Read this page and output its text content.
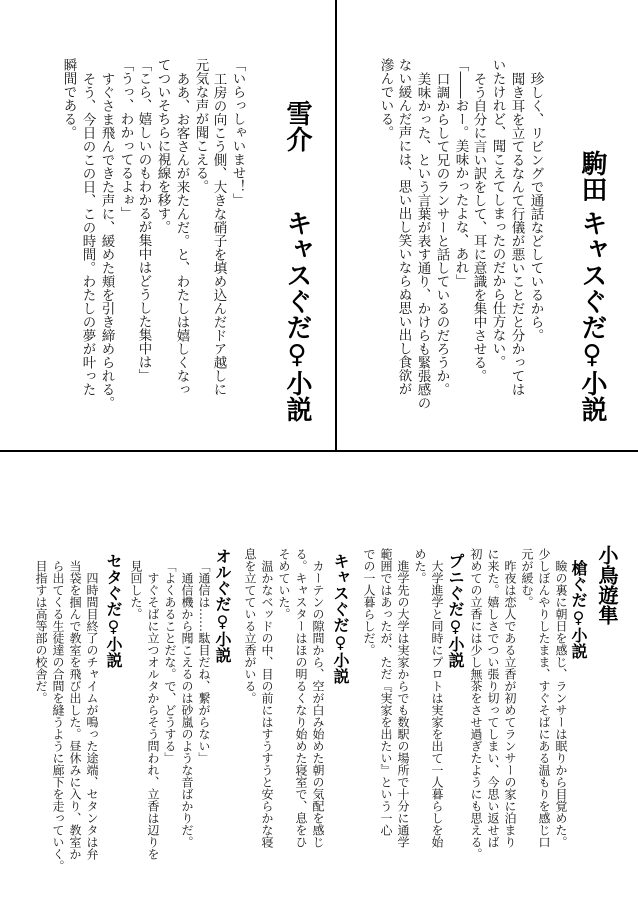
駒田
キャスぐだ♀小説
珍しく、リビングで通話などしているから。
聞き耳を立てるなんて行儀が悪いことだと分かっては
いたけれど、聞こえてしまったのだから仕方ない。
そう自分に言い訳をして、耳に意識を集中させる。
「――おー。美味かったよな、あれ」
口調からして兄のランサーと話しているのだろうか。
美味かった、という言葉が表す通り、かけらも緊張感の
ない緩んだ声には、思い出し笑いならぬ思い出し食欲が
滲んでいる。
雪介
キャスぐだ♀小説
「いらっしゃいませ！」
工房の向こう側、大きな硝子を填め込んだドア越しに
元気な声が聞こえる。
ああ、お客さんが来たんだ。と、わたしは嬉しくなっ
てついそちらに視線を移す。
「こら、嬉しいのもわかるが集中はどうした集中は」
「うっ、わかってるよぉ」
すぐさま飛んできた声に、緩めた頬を引き締められる。
そう、今日のこの日、この時間。わたしの夢が叶った
瞬間である。
小鳥遊隼
槍ぐだ♀小説
瞼の裏に朝日を感じ、ランサーは眠りから目覚めた。
少しぼんやりしたまま、すぐそばにある温もりを感じ口
元が緩む。
昨夜は恋人である立香が初めてランサーの家に泊まり
に来た。嬉しさでつい張り切ってしまい、今思い返せば
初めての立香には少し無茶をさせ過ぎたようにも思える。
プニぐだ♀小説
大学進学と同時にプロトは実家を出て一人暮らしを始
めた。
進学先の大学は実家からでも数駅の場所で十分に通学
範囲ではあったが、ただ『実家を出たい』という一心
での一人暮らしだ。
キャスぐだ♀小説
カーテンの隙間から、空が白み始めた朝の気配を感じ
る。キャスターはほの明るくなり始めた寝室で、息をひ
そめていた。
温かなベッドの中、目の前にはすうすうと安らかな寝
息を立てている立香がいる。
オルぐだ♀小説
「通信は……駄目だね、繋がらない」
通信機から聞こえるのは砂嵐のような音ばかりだ。
「よくあることだな。で、どうする」
すぐそばに立つオルタからそう問われ、立香は辺りを
見回した。
セタぐだ♀小説
四時間目終了のチャイムが鳴った途端、セタンタは弁
当袋を掴んで教室を飛び出した。昼休みに入り、教室か
ら出てくる生徒達の合間を縫うように廊下を走っていく。
目指すは高等部の校舎だ。
